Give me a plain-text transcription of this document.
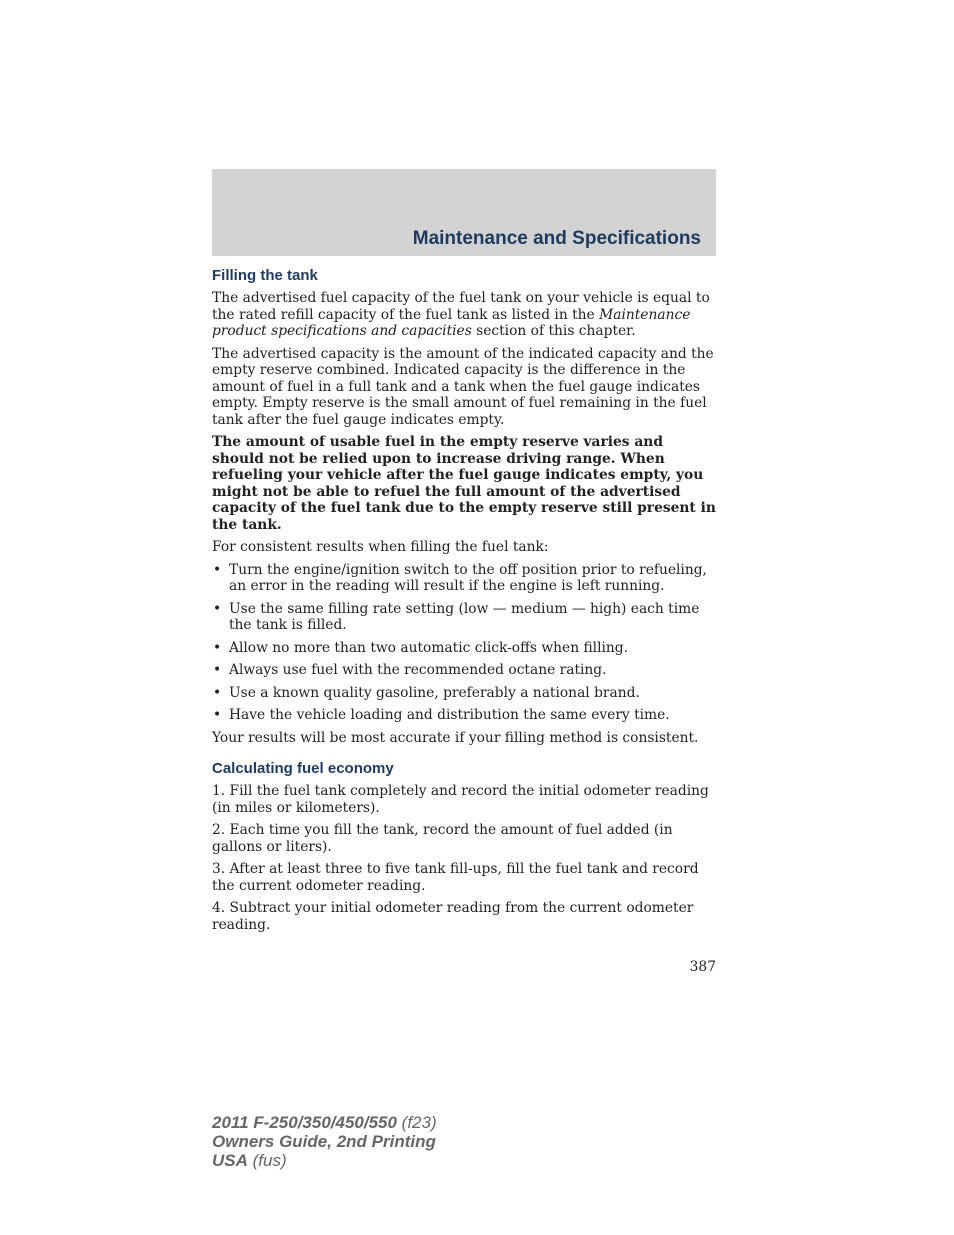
Maintenance and Specifications
Filling the tank

The advertised fuel capacity of the fuel tank on your vehicle is equal to the rated refill capacity of the fuel tank as listed in the Maintenance product specifications and capacities section of this chapter.

The advertised capacity is the amount of the indicated capacity and the empty reserve combined. Indicated capacity is the difference in the amount of fuel in a full tank and a tank when the fuel gauge indicates empty. Empty reserve is the small amount of fuel remaining in the fuel tank after the fuel gauge indicates empty.

The amount of usable fuel in the empty reserve varies and should not be relied upon to increase driving range. When refueling your vehicle after the fuel gauge indicates empty, you might not be able to refuel the full amount of the advertised capacity of the fuel tank due to the empty reserve still present in the tank.

For consistent results when filling the fuel tank:

• Turn the engine/ignition switch to the off position prior to refueling, an error in the reading will result if the engine is left running.
• Use the same filling rate setting (low — medium — high) each time the tank is filled.
• Allow no more than two automatic click-offs when filling.
• Always use fuel with the recommended octane rating.
• Use a known quality gasoline, preferably a national brand.
• Have the vehicle loading and distribution the same every time.

Your results will be most accurate if your filling method is consistent.

Calculating fuel economy

1. Fill the fuel tank completely and record the initial odometer reading (in miles or kilometers).

2. Each time you fill the tank, record the amount of fuel added (in gallons or liters).

3. After at least three to five tank fill-ups, fill the fuel tank and record the current odometer reading.

4. Subtract your initial odometer reading from the current odometer reading.

387
2011 F-250/350/450/550 (f23)
Owners Guide, 2nd Printing
USA (fus)
